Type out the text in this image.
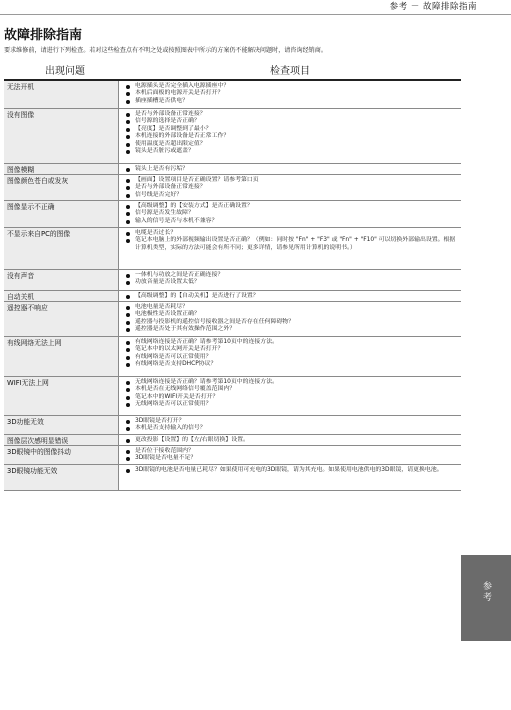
参考 － 故障排除指南
故障排除指南
要求维修前，请进行下列检查。若对这些检查点有不明之处或按照图表中所示的方案仍不能解决问题时，请咨询经销商。
出现问题	检查项目
无法开机	电源插头是否完全插入电源插座中？
本机后面板的电源开关是否打开？
插座插槽是否供电？
没有图像	是否与外部设备正常连接？
信号源的选择是否正确？
【亮度】是否调整到了最小？
本机连接的外部设备是否正常工作？
使用温度是否超出限定值？
镜头是否脏污或遮盖？
图像模糊	镜头上是否有污垢？
图像颜色苍白或发灰	【画面】设置项目是否正确设置？请参考第口页
是否与外部设备正常连接？
信号线是否完好？
图像显示不正确	【高级调整】的【安装方式】是否正确设置？
信号源是否发生故障？
输入的信号是否与本机不兼容？
不显示来自PC的图像	电缆是否过长？
笔记本电脑上的外部视频输出设置是否正确？（例如：同时按 "Fn" + "F3" 或 "Fn" + "F10" 可以切换外部输出设置。根据计算机类型，实际的方法可能会有所不同；更多详情，请参见所用计算机的说明书。）
没有声音	一体机与功放之间是否正确连接？
功放音量是否设置太低？
自动关机	【高级调整】的【自动关机】是否进行了设置？
遥控器不响应	电池电量是否耗尽？
电池极性是否设置正确？
遥控器与投影机的遥控信号接收器之间是否存在任何障碍物？
遥控器是否处于其有效操作范围之外？
有线网络无法上网	有线网络连接是否正确？请参考第10页中的连接方法。
笔记本中的以太网开关是否打开？
有线网络是否可以正常使用？
有线网络是否支持DHCP协议？
WIFI无法上网	无线网络连接是否正确？请参考第10页中的连接方法。
本机是否在无线网络信号覆盖范围内？
笔记本中的WIFI开关是否打开？
无线网络是否可以正常使用？
3D功能无效	3D眼镜是否打开？
本机是否支持输入的信号？
图像层次感明显错误	更改投影【设置】的【左/右眼切换】设置。
3D眼镜中的图像抖动	是否位于接收范围内？
3D眼镜是否电量不足？
3D眼镜功能无效	3D眼镜的电池是否电量已耗尽？如果使用可充电的3D眼镜，请为其充电。如果使用电池供电的3D眼镜，请更换电池。
参考
